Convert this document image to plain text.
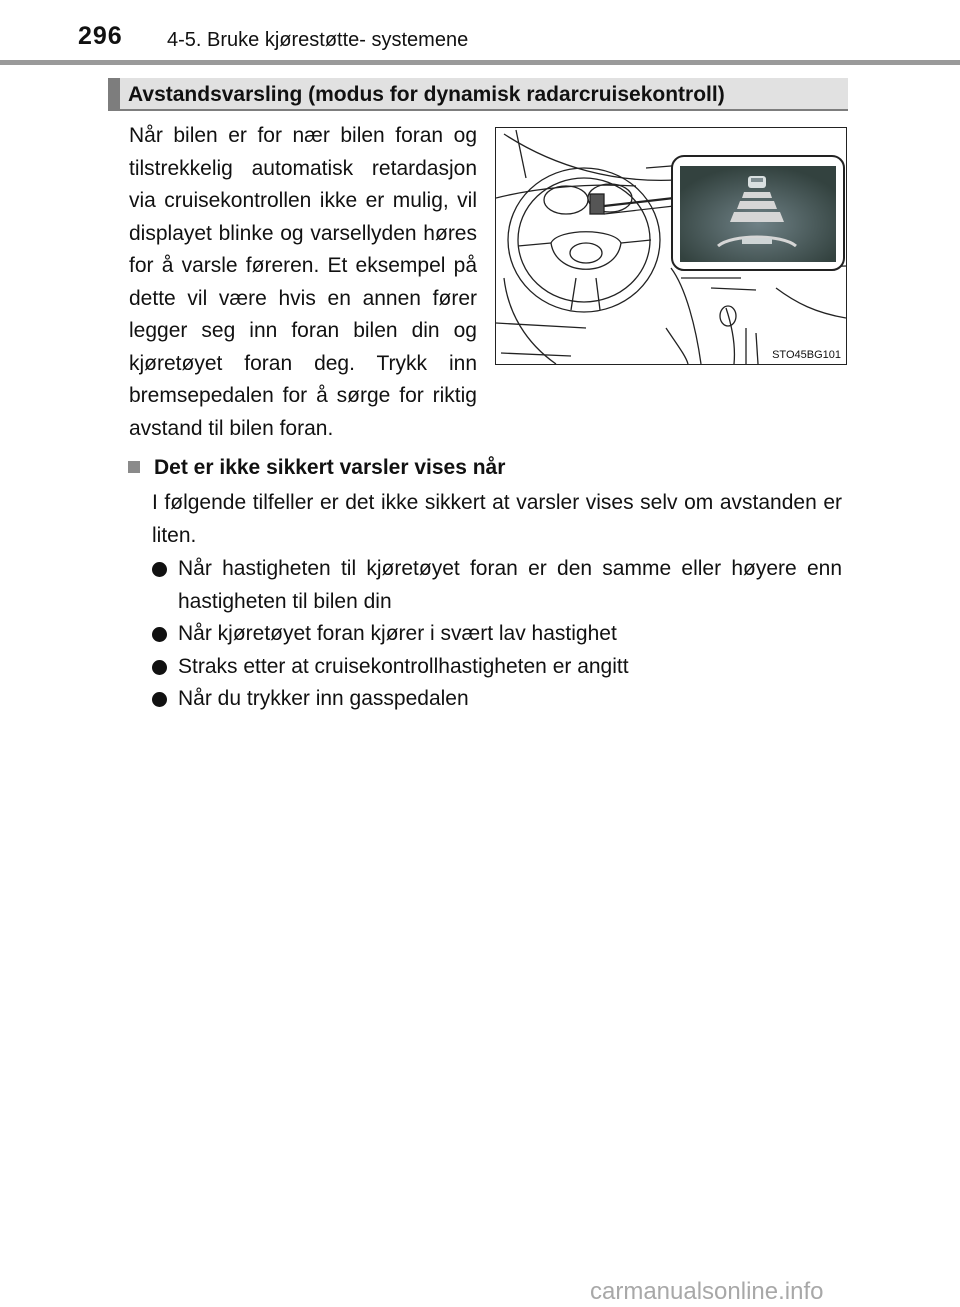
296 4-5. Bruke kjørestøtte- systemene
Avstandsvarsling (modus for dynamisk radarcruisekontroll)
Når bilen er for nær bilen foran og tilstrekkelig automatisk retardasjon via cruisekontrollen ikke er mulig, vil displayet blinke og varsellyden høres for å varsle føreren. Et eksempel på dette vil være hvis en annen fører legger seg inn foran bilen din og kjøretøyet foran deg. Trykk inn bremsepedalen for å sørge for riktig avstand til bilen foran.
STO45BG101
Det er ikke sikkert varsler vises når
I følgende tilfeller er det ikke sikkert at varsler vises selv om avstanden er liten.
Når hastigheten til kjøretøyet foran er den samme eller høyere enn hastigheten til bilen din
Når kjøretøyet foran kjører i svært lav hastighet
Straks etter at cruisekontrollhastigheten er angitt
Når du trykker inn gasspedalen
carmanualsonline.info
